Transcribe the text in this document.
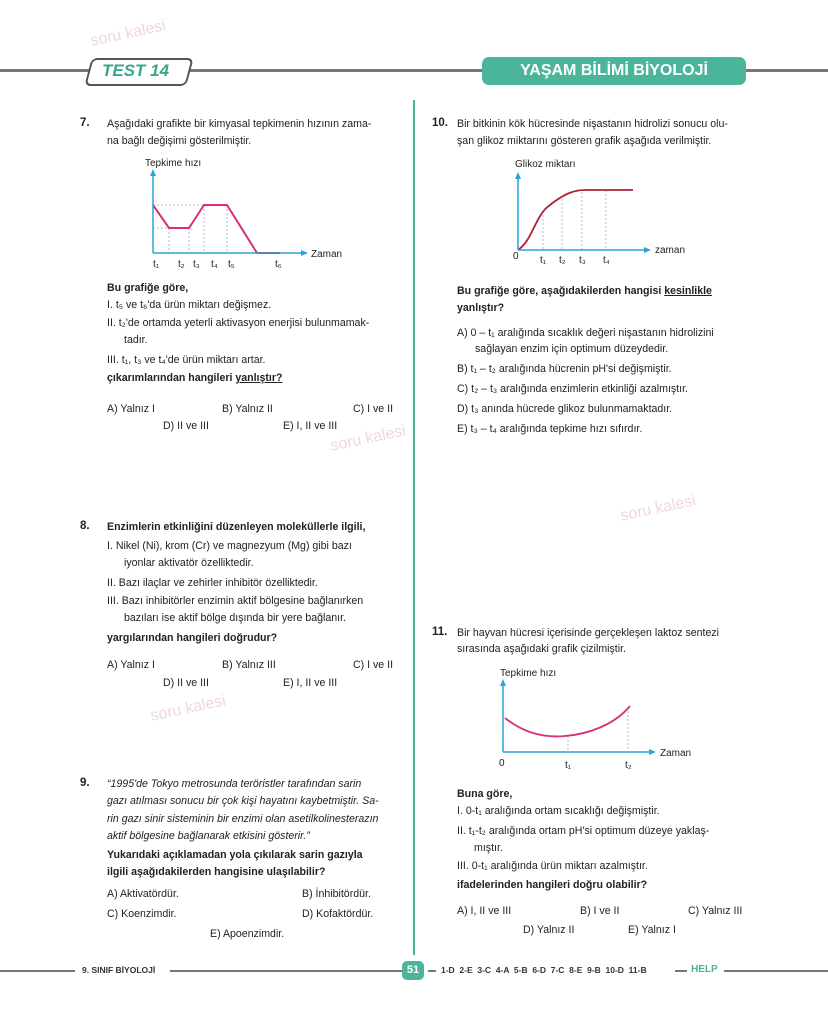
soru kalesi
soru kalesi
soru kalesi
soru kalesi
TEST 14	YAŞAM BİLİMİ BİYOLOJİ
7. Aşağıdaki grafikte bir kimyasal tepkimenin hızının zama-
na bağlı değişimi gösterilmiştir.
Tepkime hızı
Zaman
t₁ t₂ t₃ t₄ t₅	t₆
Bu grafiğe göre,
I. t₅ ve t₆'da ürün miktarı değişmez.
II. t₂'de ortamda yeterli aktivasyon enerjisi bulunmamak-
tadır.
III. t₁, t₃ ve t₄'de ürün miktarı artar.
çıkarımlarından hangileri yanlıştır?
A) Yalnız I	B) Yalnız II	C) I ve II
D) II ve III	E) I, II ve III
8. Enzimlerin etkinliğini düzenleyen moleküllerle ilgili,
I. Nikel (Ni), krom (Cr) ve magnezyum (Mg) gibi bazı
iyonlar aktivatör özelliktedir.
II. Bazı ilaçlar ve zehirler inhibitör özelliktedir.
III. Bazı inhibitörler enzimin aktif bölgesine bağlanırken
bazıları ise aktif bölge dışında bir yere bağlanır.
yargılarından hangileri doğrudur?
A) Yalnız I	B) Yalnız III	C) I ve II
D) II ve III	E) I, II ve III
9. “1995'de Tokyo metrosunda teröristler tarafından sarin
gazı atılması sonucu bir çok kişi hayatını kaybetmiştir. Sa-
rin gazı sinir sisteminin bir enzimi olan asetilkolinesterazın
aktif bölgesine bağlanarak etkisini gösterir.”
Yukarıdaki açıklamadan yola çıkılarak sarin gazıyla
ilgili aşağıdakilerden hangisine ulaşılabilir?
A) Aktivatördür.	B) İnhibitördür.
C) Koenzimdir.	D) Kofaktördür.
E) Apoenzimdir.
10. Bir bitkinin kök hücresinde nişastanın hidrolizi sonucu olu-
şan glikoz miktarını gösteren grafik aşağıda verilmiştir.
Glikoz miktarı
zaman
0 t₁ t₂ t₃ t₄
Bu grafiğe göre, aşağıdakilerden hangisi kesinlikle
yanlıştır?
A) 0 – t₁ aralığında sıcaklık değeri nişastanın hidrolizini
sağlayan enzim için optimum düzeydedir.
B) t₁ – t₂ aralığında hücrenin pH'si değişmiştir.
C) t₂ – t₃ aralığında enzimlerin etkinliği azalmıştır.
D) t₃ anında hücrede glikoz bulunmamaktadır.
E) t₃ – t₄ aralığında tepkime hızı sıfırdır.
11. Bir hayvan hücresi içerisinde gerçekleşen laktoz sentezi
sırasında aşağıdaki grafik çizilmiştir.
Tepkime hızı
Zaman
0	t₁	t₂
Buna göre,
I. 0-t₁ aralığında ortam sıcaklığı değişmiştir.
II. t₁-t₂ aralığında ortam pH'si optimum düzeye yaklaş-
mıştır.
III. 0-t₁ aralığında ürün miktarı azalmıştır.
ifadelerinden hangileri doğru olabilir?
A) I, II ve III	B) I ve II	C) Yalnız III
D) Yalnız II	E) Yalnız I
9. SINIF BİYOLOJİ	51	1-D  2-E  3-C  4-A  5-B  6-D  7-C  8-E  9-B  10-D  11-B	HELP
